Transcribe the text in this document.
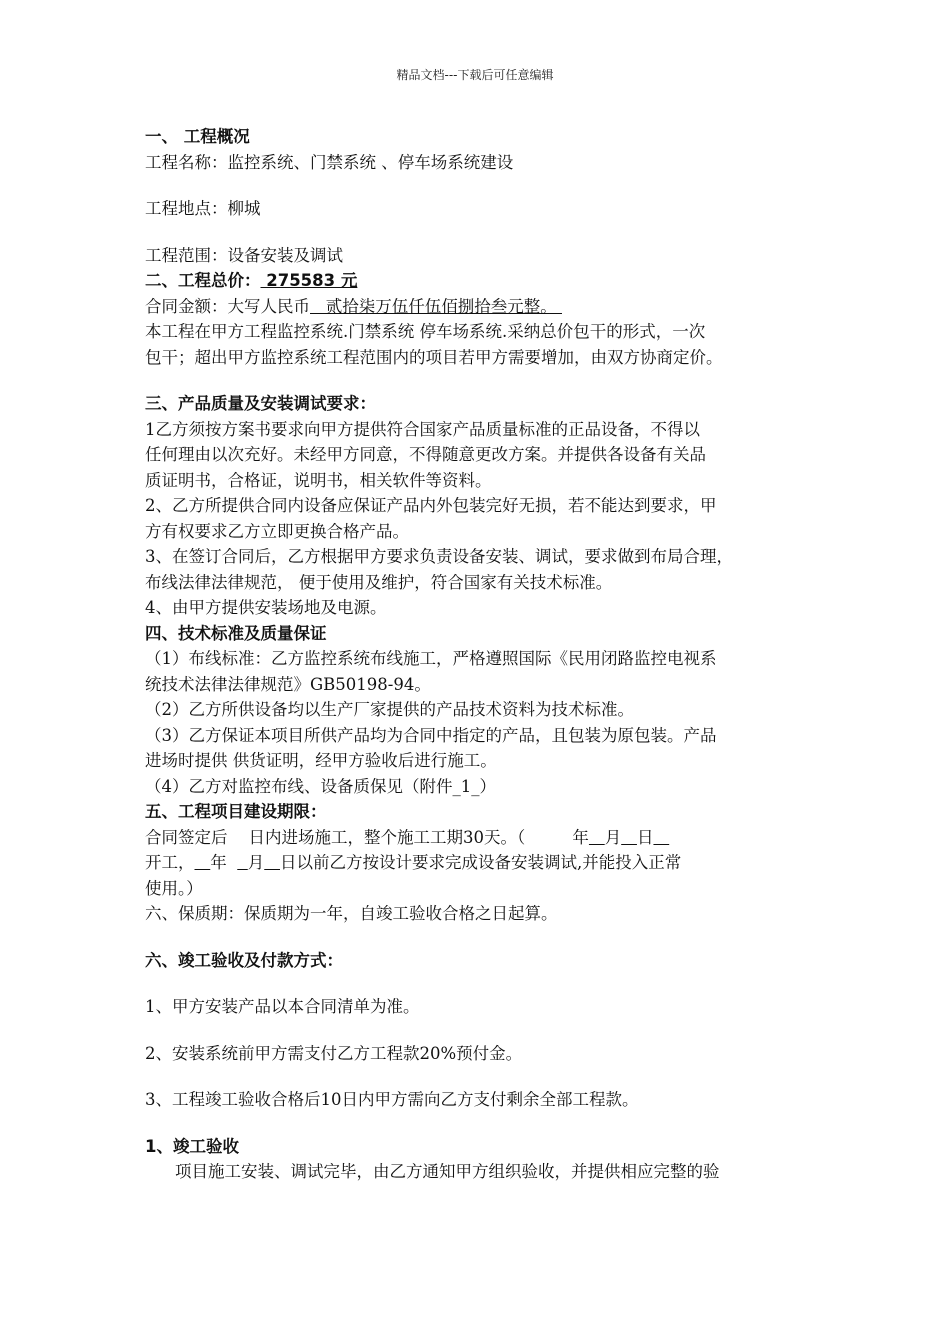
精品文档---下载后可任意编辑
一、 工程概况
工程名称：监控系统、门禁系统 、停车场系统建设
工程地点：柳城
工程范围：设备安装及调试
二、工程总价： 275583 元
合同金额：大写人民币   贰拾柒万伍仟伍佰捌拾叁元整。
本工程在甲方工程监控系统.门禁系统 停车场系统.采纳总价包干的形式，一次
包干；超出甲方监控系统工程范围内的项目若甲方需要增加，由双方协商定价。
三、产品质量及安装调试要求：
1乙方须按方案书要求向甲方提供符合国家产品质量标准的正品设备，不得以
任何理由以次充好。未经甲方同意，不得随意更改方案。并提供各设备有关品
质证明书，合格证，说明书，相关软件等资料。
2、乙方所提供合同内设备应保证产品内外包装完好无损，若不能达到要求，甲
方有权要求乙方立即更换合格产品。
3、在签订合同后，乙方根据甲方要求负责设备安装、调试，要求做到布局合理，
布线法律法律规范， 便于使用及维护，符合国家有关技术标准。
4、由甲方提供安装场地及电源。
四、技术标准及质量保证
（1）布线标准：乙方监控系统布线施工，严格遵照国际《民用闭路监控电视系
统技术法律法律规范》GB50198-94。
（2）乙方所供设备均以生产厂家提供的产品技术资料为技术标准。
（3）乙方保证本项目所供产品均为合同中指定的产品，且包装为原包装。产品
进场时提供 供货证明，经甲方验收后进行施工。
（4）乙方对监控布线、设备质保见（附件_1_）
五、工程项目建设期限：
合同签定后    日内进场施工，整个施工工期30天。（         年 月 日
开工， 年    月 日以前乙方按设计要求完成设备安装调试,并能投入正常
使用。）
六、保质期：保质期为一年，自竣工验收合格之日起算。
六、竣工验收及付款方式：
1、甲方安装产品以本合同清单为准。
2、安装系统前甲方需支付乙方工程款20%预付金。
3、工程竣工验收合格后10日内甲方需向乙方支付剩余全部工程款。
1、竣工验收
项目施工安装、调试完毕，由乙方通知甲方组织验收，并提供相应完整的验
